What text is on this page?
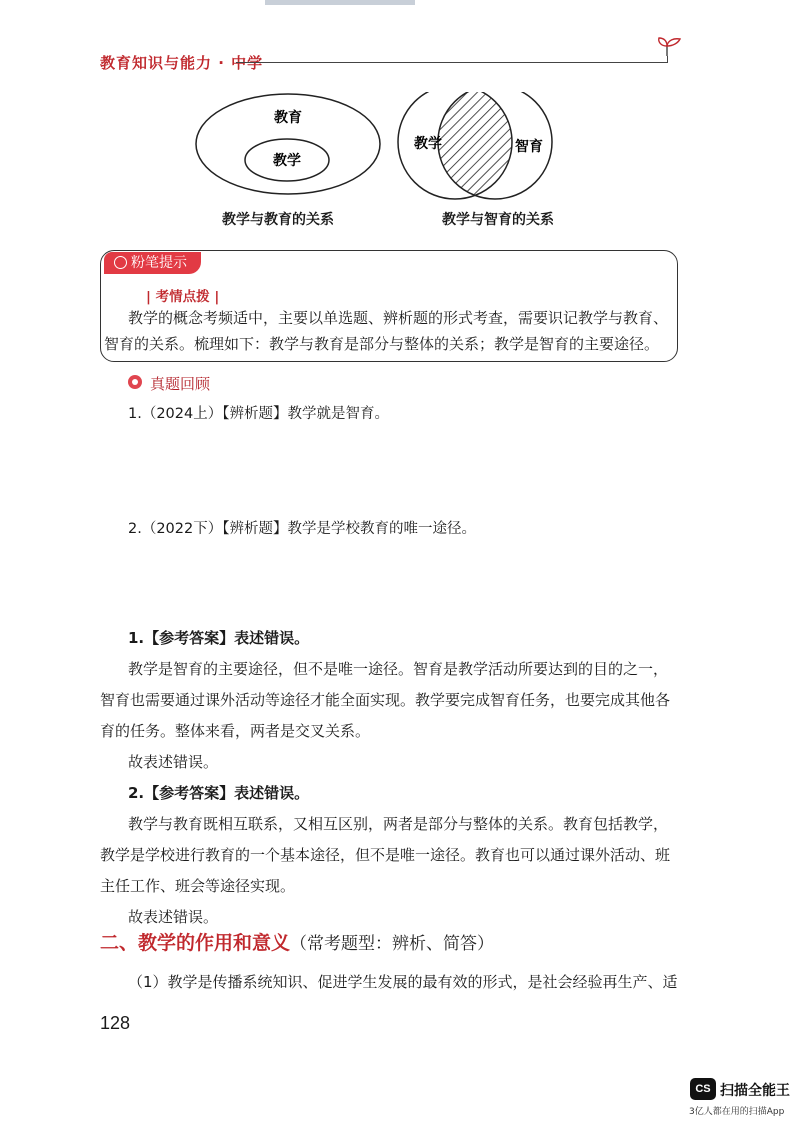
教育知识与能力 · 中学
教育
教学
教学	智育
教学与教育的关系	教学与智育的关系
粉笔提示
| 考情点拨 |
教学的概念考频适中，主要以单选题、辨析题的形式考查，需要识记教学与教育、
智育的关系。梳理如下：教学与教育是部分与整体的关系；教学是智育的主要途径。
真题回顾
1.（2024上）【辨析题】教学就是智育。
2.（2022下）【辨析题】教学是学校教育的唯一途径。
1.【参考答案】表述错误。
教学是智育的主要途径，但不是唯一途径。智育是教学活动所要达到的目的之一，
智育也需要通过课外活动等途径才能全面实现。教学要完成智育任务，也要完成其他各
育的任务。整体来看，两者是交叉关系。
故表述错误。
2.【参考答案】表述错误。
教学与教育既相互联系，又相互区别，两者是部分与整体的关系。教育包括教学，
教学是学校进行教育的一个基本途径，但不是唯一途径。教育也可以通过课外活动、班
主任工作、班会等途径实现。
故表述错误。
二、教学的作用和意义（常考题型：辨析、简答）
（1）教学是传播系统知识、促进学生发展的最有效的形式，是社会经验再生产、适
128
CS 扫描全能王
3亿人都在用的扫描App
